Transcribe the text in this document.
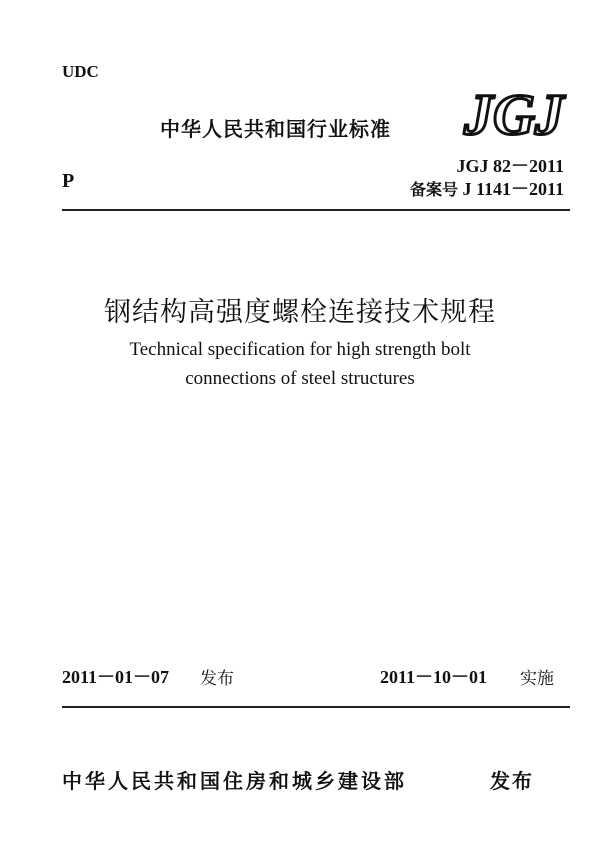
UDC
中华人民共和国行业标准 JGJ
JGJ 82－2011
P	备案号 J 1141－2011
钢结构高强度螺栓连接技术规程
Technical specification for high strength bolt
connections of steel structures
2011－01－07 发布	2011－10－01 实施
中华人民共和国住房和城乡建设部	发布
